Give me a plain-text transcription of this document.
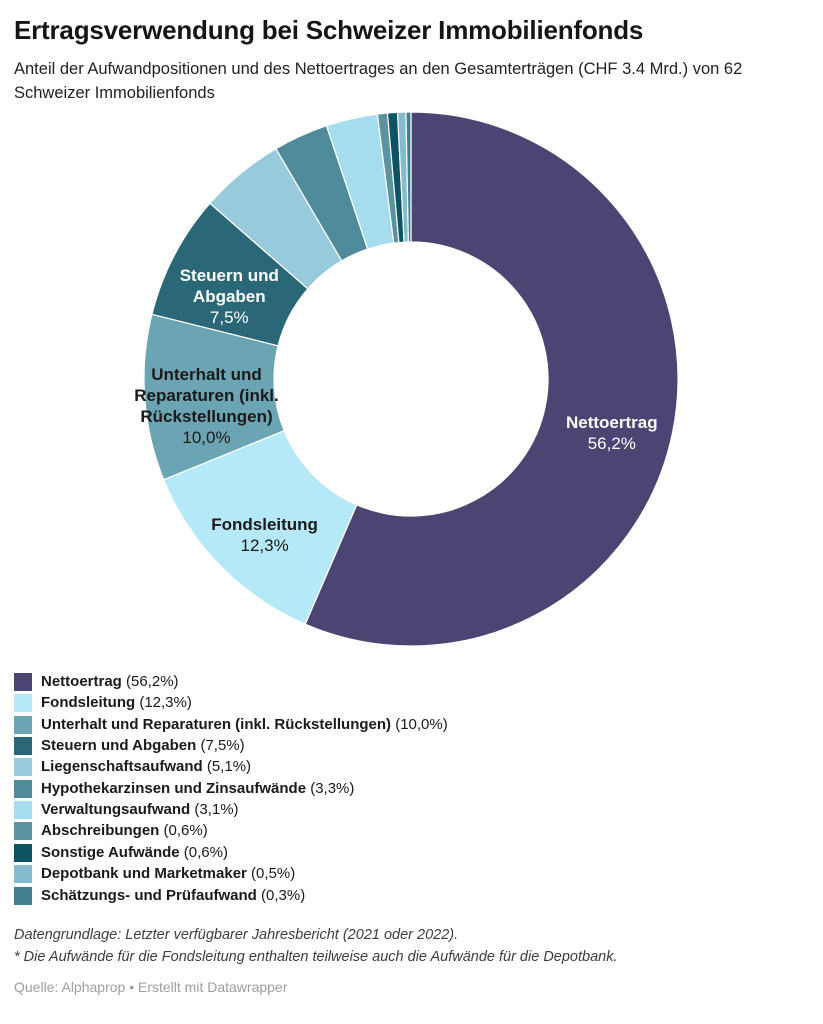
Ertragsverwendung bei Schweizer Immobilienfonds

Anteil der Aufwandpositionen und des Nettoertrages an den Gesamterträgen (CHF 3.4 Mrd.) von 62 Schweizer Immobilienfonds

Nettoertrag 56,2%
Fondsleitung 12,3%
Unterhalt und Reparaturen (inkl. Rückstellungen) 10,0%
Steuern und Abgaben 7,5%
Nettoertrag (56,2%)
Fondsleitung (12,3%)
Unterhalt und Reparaturen (inkl. Rückstellungen) (10,0%)
Steuern und Abgaben (7,5%)
Liegenschaftsaufwand (5,1%)
Hypothekarzinsen und Zinsaufwände (3,3%)
Verwaltungsaufwand (3,1%)
Abschreibungen (0,6%)
Sonstige Aufwände (0,6%)
Depotbank und Marketmaker (0,5%)
Schätzungs- und Prüfaufwand (0,3%)

Datengrundlage: Letzter verfügbarer Jahresbericht (2021 oder 2022).

* Die Aufwände für die Fondsleitung enthalten teilweise auch die Aufwände für die Depotbank.

Quelle: Alphaprop • Erstellt mit Datawrapper
